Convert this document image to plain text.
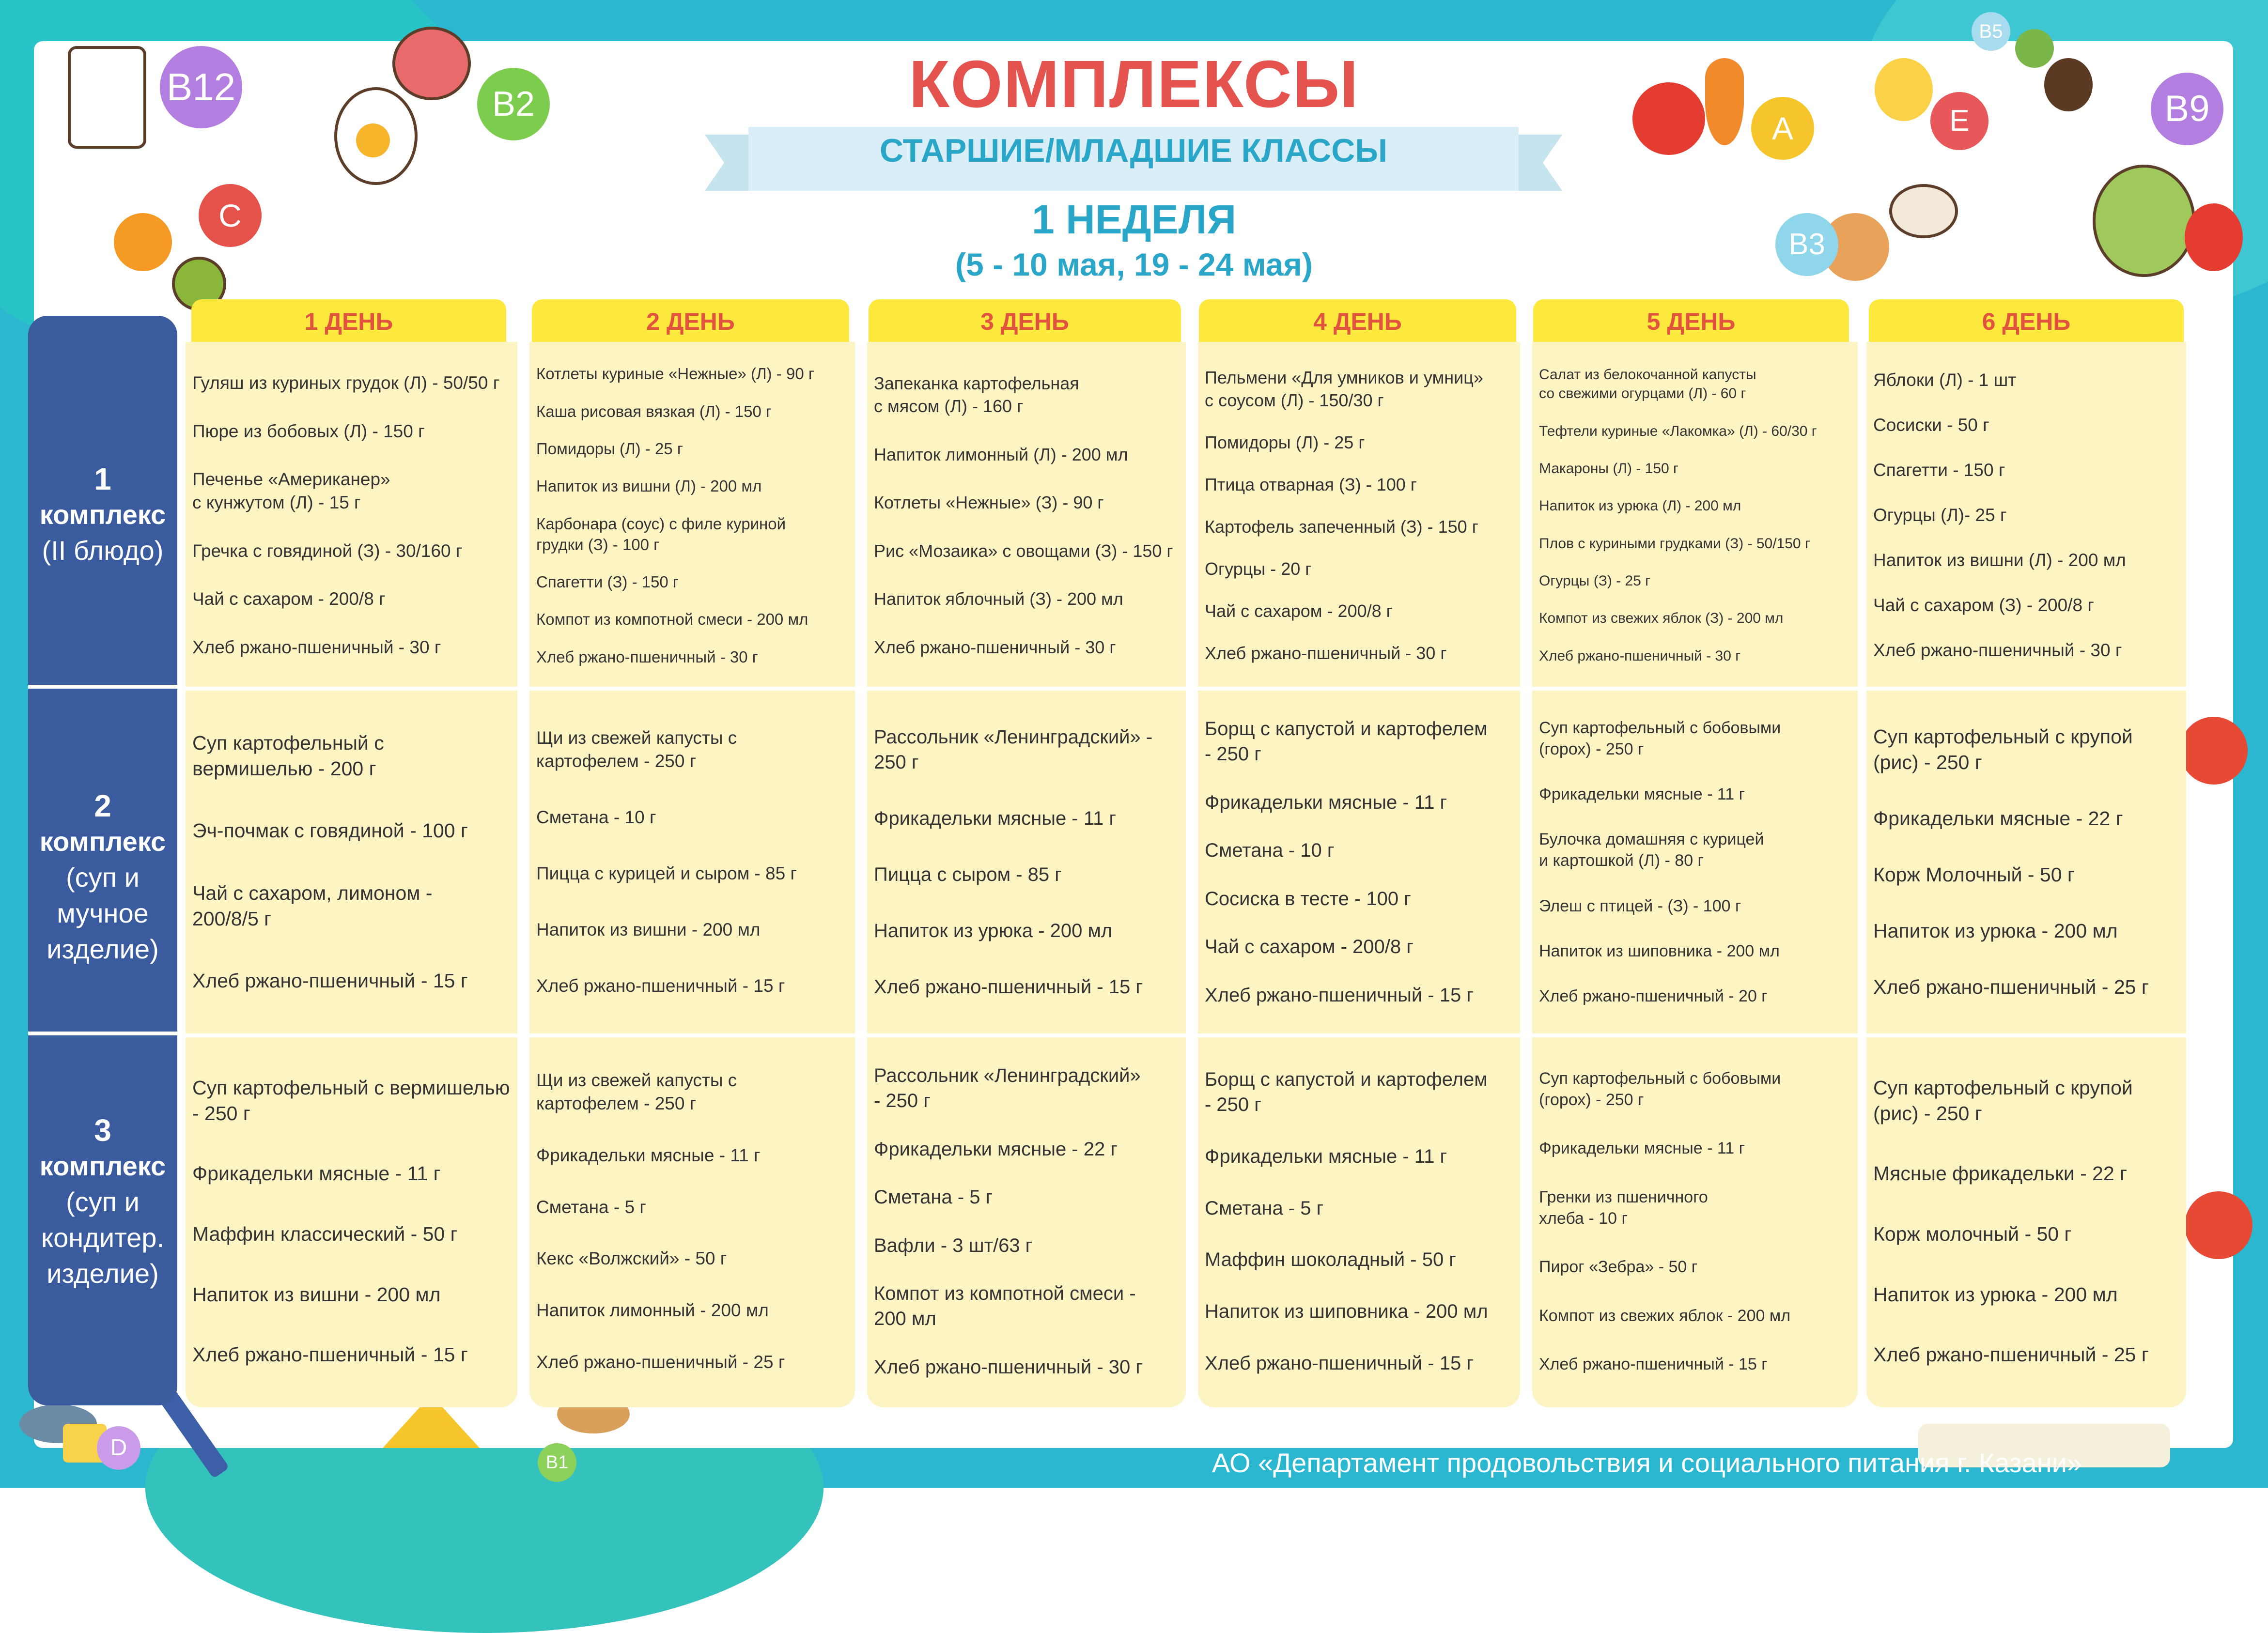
B12	B2
C
A	E
B5
B9
B3
D
B1
КОМПЛЕКСЫ
СТАРШИЕ/МЛАДШИЕ КЛАССЫ
1 НЕДЕЛЯ
(5 - 10 мая, 19 - 24 мая)
1
комплекс
(II блюдо)
2
комплекс
(суп и
мучное
изделие)
3
комплекс
(суп и
кондитер.
изделие)
1 ДЕНЬ
Гуляш из куриных грудок (Л) - 50/50 г
Пюре из бобовых (Л) - 150 г
Печенье «Американер»
с кунжутом (Л) - 15 г
Гречка с говядиной (З) - 30/160 г
Чай с сахаром - 200/8 г
Хлеб ржано-пшеничный - 30 г
Суп картофельный с
вермишелью - 200 г
Эч-почмак с говядиной - 100 г
Чай с сахаром, лимоном -
200/8/5 г
Хлеб ржано-пшеничный - 15 г
Суп картофельный с вермишелью
- 250 г
Фрикадельки мясные - 11 г
Маффин классический - 50 г
Напиток из вишни - 200 мл
Хлеб ржано-пшеничный - 15 г
2 ДЕНЬ
Котлеты куриные «Нежные» (Л) - 90 г
Каша рисовая вязкая (Л) - 150 г
Помидоры (Л) - 25 г
Напиток из вишни (Л) - 200 мл
Карбонара (соус) с филе куриной
грудки (З) - 100 г
Спагетти (З) - 150 г
Компот из компотной смеси - 200 мл
Хлеб ржано-пшеничный - 30 г
Щи из свежей капусты с
картофелем - 250 г
Сметана - 10 г
Пицца с курицей и сыром - 85 г
Напиток из вишни - 200 мл
Хлеб ржано-пшеничный - 15 г
Щи из свежей капусты с
картофелем - 250 г
Фрикадельки мясные - 11 г
Сметана - 5 г
Кекс «Волжский» - 50 г
Напиток лимонный - 200 мл
Хлеб ржано-пшеничный - 25 г
3 ДЕНЬ
Запеканка картофельная
с мясом (Л) - 160 г
Напиток лимонный (Л) - 200 мл
Котлеты «Нежные» (З) - 90 г
Рис «Мозаика» с овощами (З) - 150 г
Напиток яблочный (З) - 200 мл
Хлеб ржано-пшеничный - 30 г
Рассольник «Ленинградский» -
250 г
Фрикадельки мясные - 11 г
Пицца с сыром - 85 г
Напиток из урюка - 200 мл
Хлеб ржано-пшеничный - 15 г
Рассольник «Ленинградский»
- 250 г
Фрикадельки мясные - 22 г
Сметана - 5 г
Вафли - 3 шт/63 г
Компот из компотной смеси -
200 мл
Хлеб ржано-пшеничный - 30 г
4 ДЕНЬ
Пельмени «Для умников и умниц»
с соусом (Л) - 150/30 г
Помидоры (Л) - 25 г
Птица отварная (З) - 100 г
Картофель запеченный (З) - 150 г
Огурцы - 20 г
Чай с сахаром - 200/8 г
Хлеб ржано-пшеничный - 30 г
Борщ с капустой и картофелем
- 250 г
Фрикадельки мясные - 11 г
Сметана - 10 г
Сосиска в тесте - 100 г
Чай с сахаром - 200/8 г
Хлеб ржано-пшеничный - 15 г
Борщ с капустой и картофелем
- 250 г
Фрикадельки мясные - 11 г
Сметана - 5 г
Маффин шоколадный - 50 г
Напиток из шиповника - 200 мл
Хлеб ржано-пшеничный - 15 г
5 ДЕНЬ
Салат из белокочанной капусты
со свежими огурцами (Л) - 60 г
Тефтели куриные «Лакомка» (Л) - 60/30 г
Макароны (Л) - 150 г
Напиток из урюка (Л) - 200 мл
Плов с куриными грудками (З) - 50/150 г
Огурцы (З) - 25 г
Компот из свежих яблок (З) - 200 мл
Хлеб ржано-пшеничный - 30 г
Суп картофельный с бобовыми
(горох) - 250 г
Фрикадельки мясные - 11 г
Булочка домашняя с курицей
и картошкой (Л) - 80 г
Элеш с птицей - (З) - 100 г
Напиток из шиповника - 200 мл
Хлеб ржано-пшеничный - 20 г
Суп картофельный с бобовыми
(горох) - 250 г
Фрикадельки мясные - 11 г
Гренки из пшеничного
хлеба - 10 г
Пирог «Зебра» - 50 г
Компот из свежих яблок - 200 мл
Хлеб ржано-пшеничный - 15 г
6 ДЕНЬ
Яблоки (Л) - 1 шт
Сосиски - 50 г
Спагетти - 150 г
Огурцы (Л)- 25 г
Напиток из вишни (Л) - 200 мл
Чай с сахаром (З) - 200/8 г
Хлеб ржано-пшеничный - 30 г
Суп картофельный с крупой
(рис) - 250 г
Фрикадельки мясные - 22 г
Корж Молочный - 50 г
Напиток из урюка - 200 мл
Хлеб ржано-пшеничный - 25 г
Суп картофельный с крупой
(рис) - 250 г
Мясные фрикадельки - 22 г
Корж молочный - 50 г
Напиток из урюка - 200 мл
Хлеб ржано-пшеничный - 25 г
АО «Департамент продовольствия и социального питания г. Казани»
